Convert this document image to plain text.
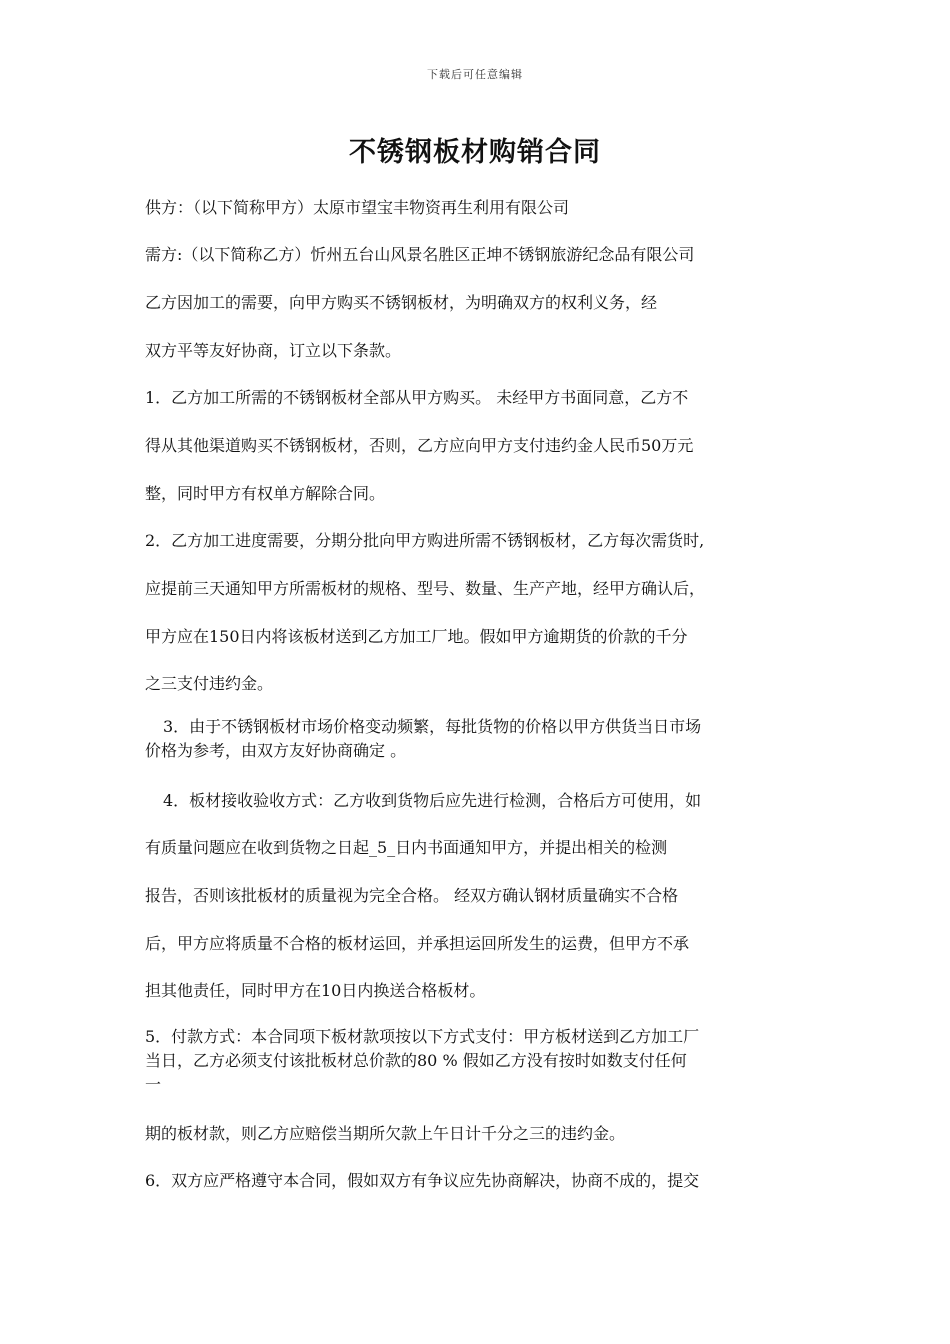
下载后可任意编辑
不锈钢板材购销合同
供方：（以下简称甲方）太原市望宝丰物资再生利用有限公司
需方:（以下简称乙方）忻州五台山风景名胜区正坤不锈钢旅游纪念品有限公司
乙方因加工的需要，向甲方购买不锈钢板材，为明确双方的权利义务，经
双方平等友好协商，订立以下条款。
1．乙方加工所需的不锈钢板材全部从甲方购买。 未经甲方书面同意，乙方不
得从其他渠道购买不锈钢板材，否则，乙方应向甲方支付违约金人民币50万元
整，同时甲方有权单方解除合同。
2．乙方加工进度需要，分期分批向甲方购进所需不锈钢板材，乙方每次需货时,
应提前三天通知甲方所需板材的规格、型号、数量、生产产地，经甲方确认后，
甲方应在150日内将该板材送到乙方加工厂地。假如甲方逾期货的价款的千分
之三支付违约金。
3．由于不锈钢板材市场价格变动频繁，每批货物的价格以甲方供货当日市场
价格为参考，由双方友好协商确定 。
4．板材接收验收方式：乙方收到货物后应先进行检测，合格后方可使用，如
有质量问题应在收到货物之日起_5_日内书面通知甲方，并提出相关的检测
报告，否则该批板材的质量视为完全合格。 经双方确认钢材质量确实不合格
后，甲方应将质量不合格的板材运回，并承担运回所发生的运费，但甲方不承
担其他责任，同时甲方在10日内换送合格板材。
5．付款方式：本合同项下板材款项按以下方式支付：甲方板材送到乙方加工厂
当日，乙方必须支付该批板材总价款的80 % 假如乙方没有按时如数支付任何
一
期的板材款，则乙方应赔偿当期所欠款上午日计千分之三的违约金。
6．双方应严格遵守本合同，假如双方有争议应先协商解决，协商不成的，提交
